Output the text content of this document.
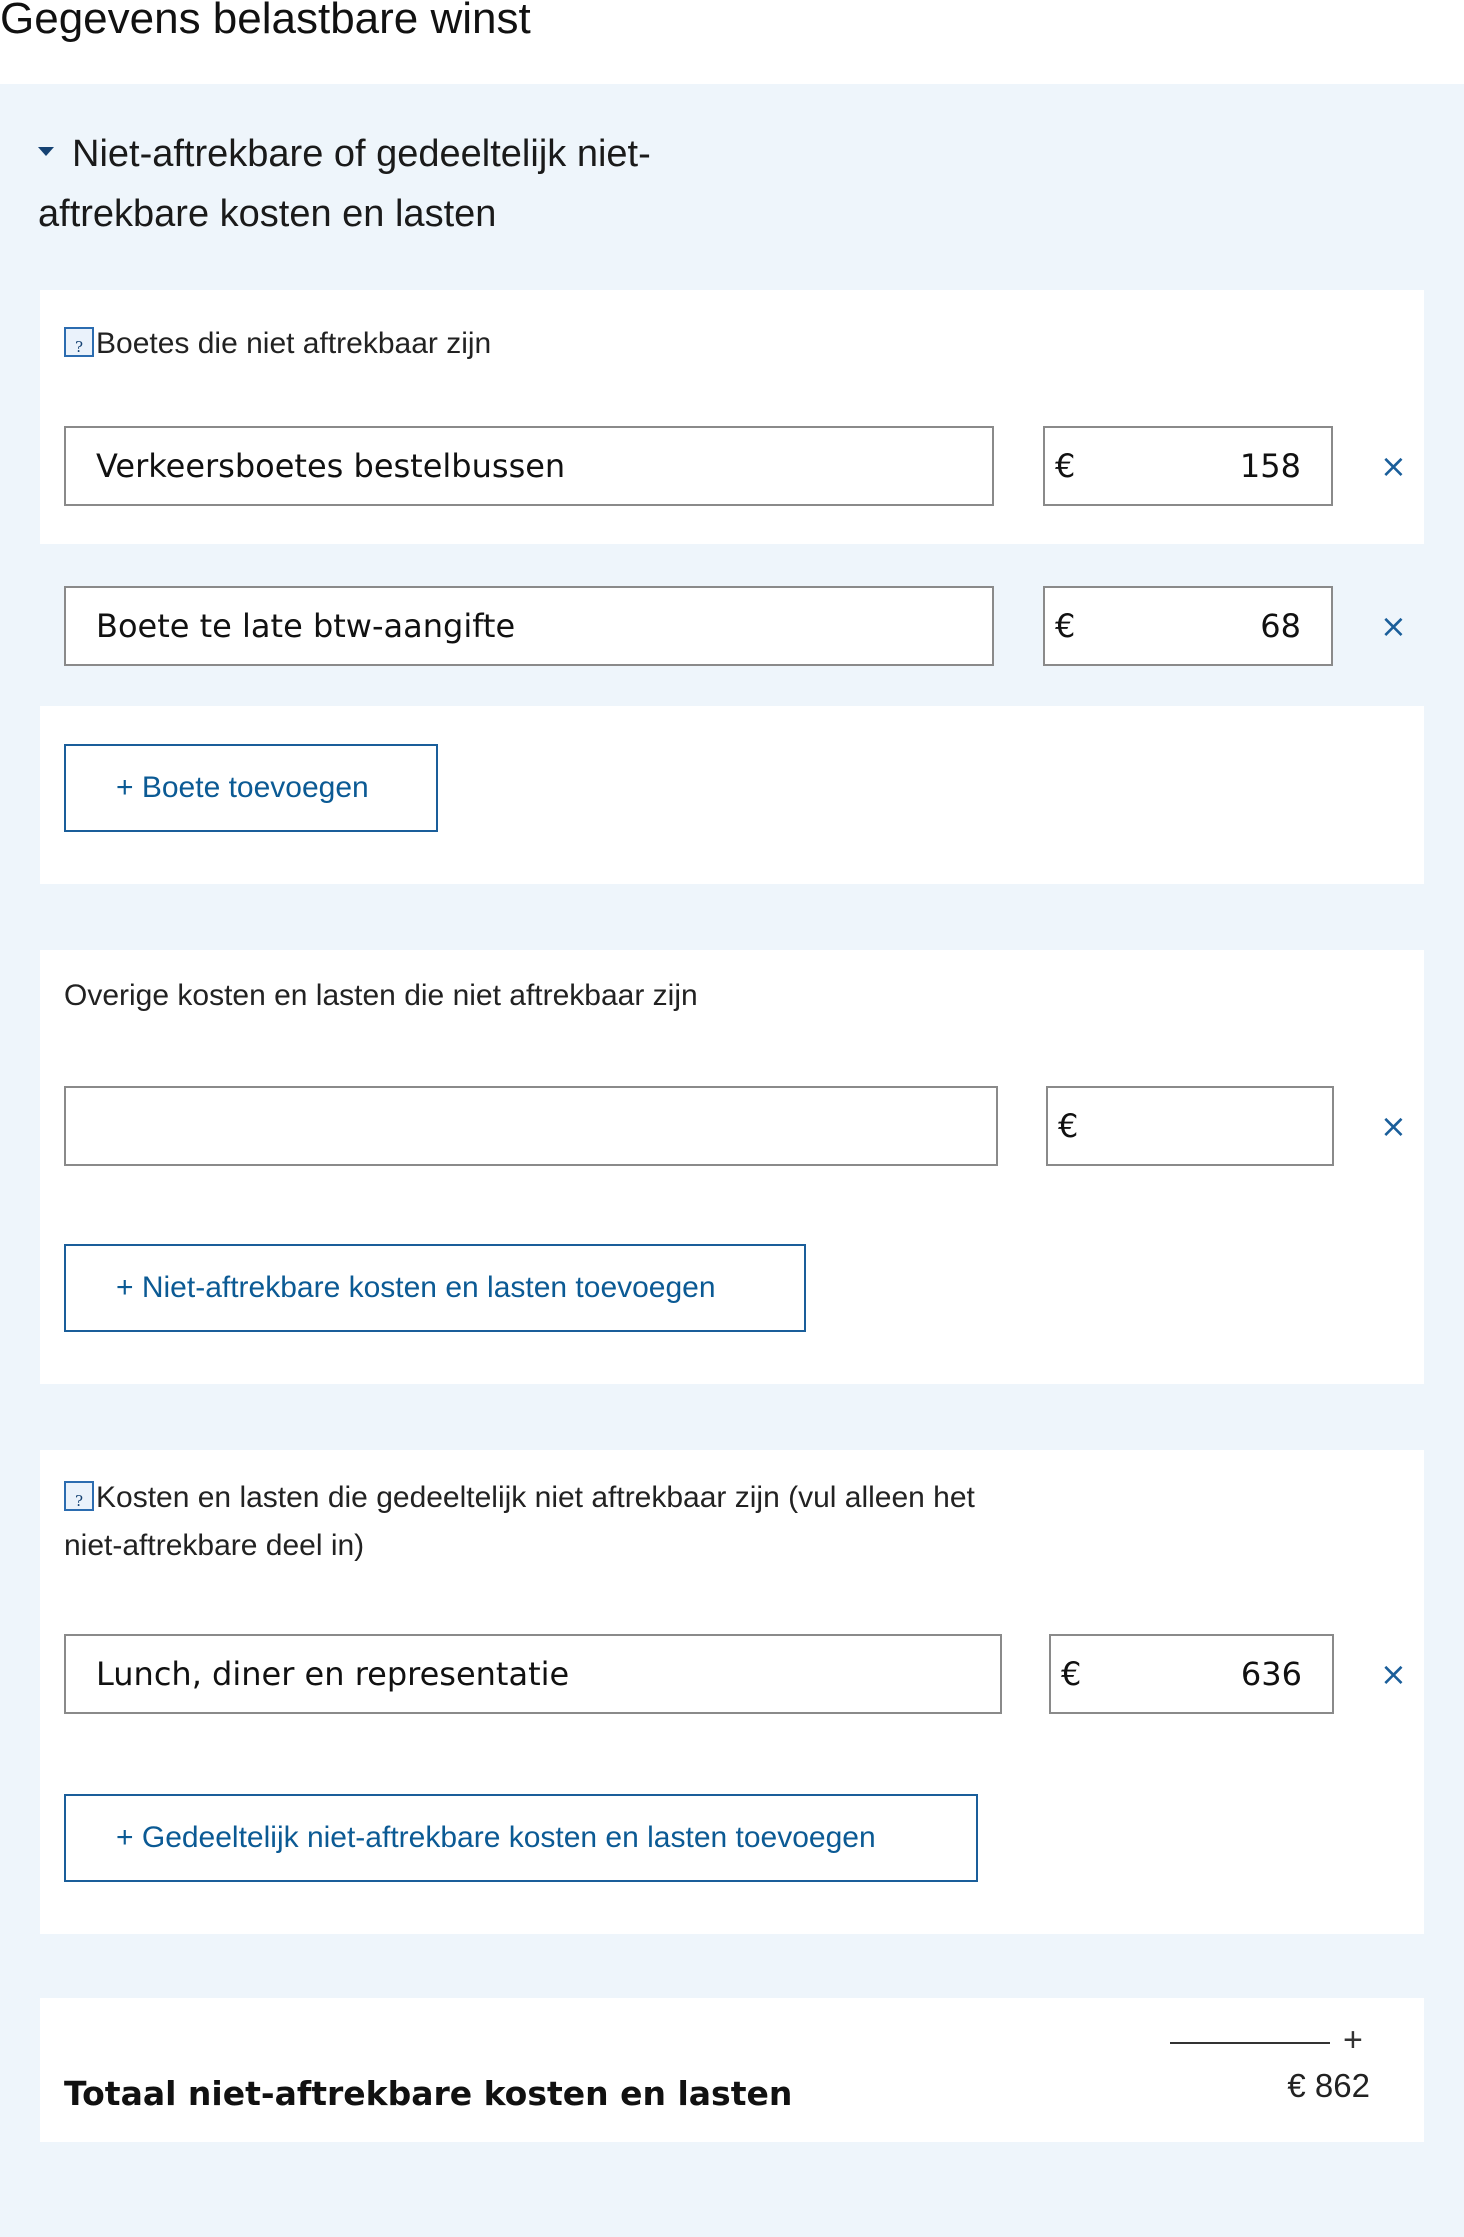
Gegevens belastbare winst
Niet-aftrekbare of gedeeltelijk niet-aftrekbare kosten en lasten
? Boetes die niet aftrekbaar zijn
Verkeersboetes bestelbussen	€	158 ×
Boete te late btw-aangifte	€	68 ×
+ Boete toevoegen
Overige kosten en lasten die niet aftrekbaar zijn
€	×
+ Niet-aftrekbare kosten en lasten toevoegen
? Kosten en lasten die gedeeltelijk niet aftrekbaar zijn (vul alleen het niet-aftrekbare deel in)
Lunch, diner en representatie	€	636 ×
+ Gedeeltelijk niet-aftrekbare kosten en lasten toevoegen
Totaal niet-aftrekbare kosten en lasten
+
€ 862
